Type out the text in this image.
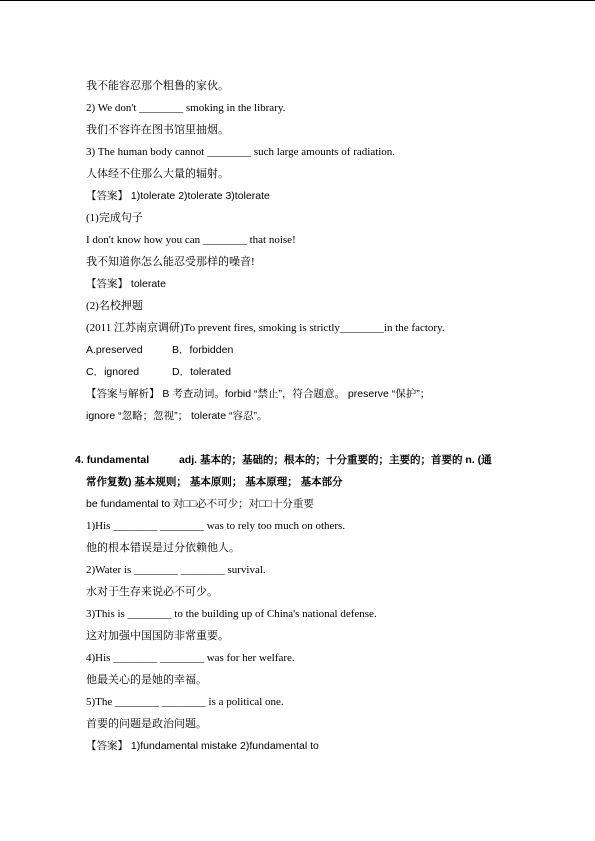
我不能容忍那个粗鲁的家伙。
2) We don't ________ smoking in the library.
我们不容许在图书馆里抽烟。
3) The human body cannot ________ such large amounts of radiation.
人体经不住那么大量的辐射。
【答案】 1)tolerate 2)tolerate 3)tolerate
(1)完成句子
I don't know how you can ________ that noise!
我不知道你怎么能忍受那样的噪音!
【答案】 tolerate
(2)名校押题
(2011 江苏南京调研)To prevent fires, smoking is strictly________in the factory.
A.preserved	B．forbidden
C．ignored	D．tolerated
【答案与解析】 B 考查动词。forbid “禁止”，符合题意。 preserve “保护”；
ignore “忽略；忽视”； tolerate “容忍”。
4. fundamental	adj. 基本的；基础的；根本的；十分重要的；主要的；首要的 n. (通
常作复数) 基本规则； 基本原则； 基本原理； 基本部分
be fundamental to 对□□必不可少；对□□十分重要
1)His ________ ________ was to rely too much on others.
他的根本错误是过分依赖他人。
2)Water is ________ ________ survival.
水对于生存来说必不可少。
3)This is ________ to the building up of China's national defense.
这对加强中国国防非常重要。
4)His ________ ________ was for her welfare.
他最关心的是她的幸福。
5)The ________ ________ is a political one.
首要的问题是政治问题。
【答案】 1)fundamental mistake 2)fundamental to
